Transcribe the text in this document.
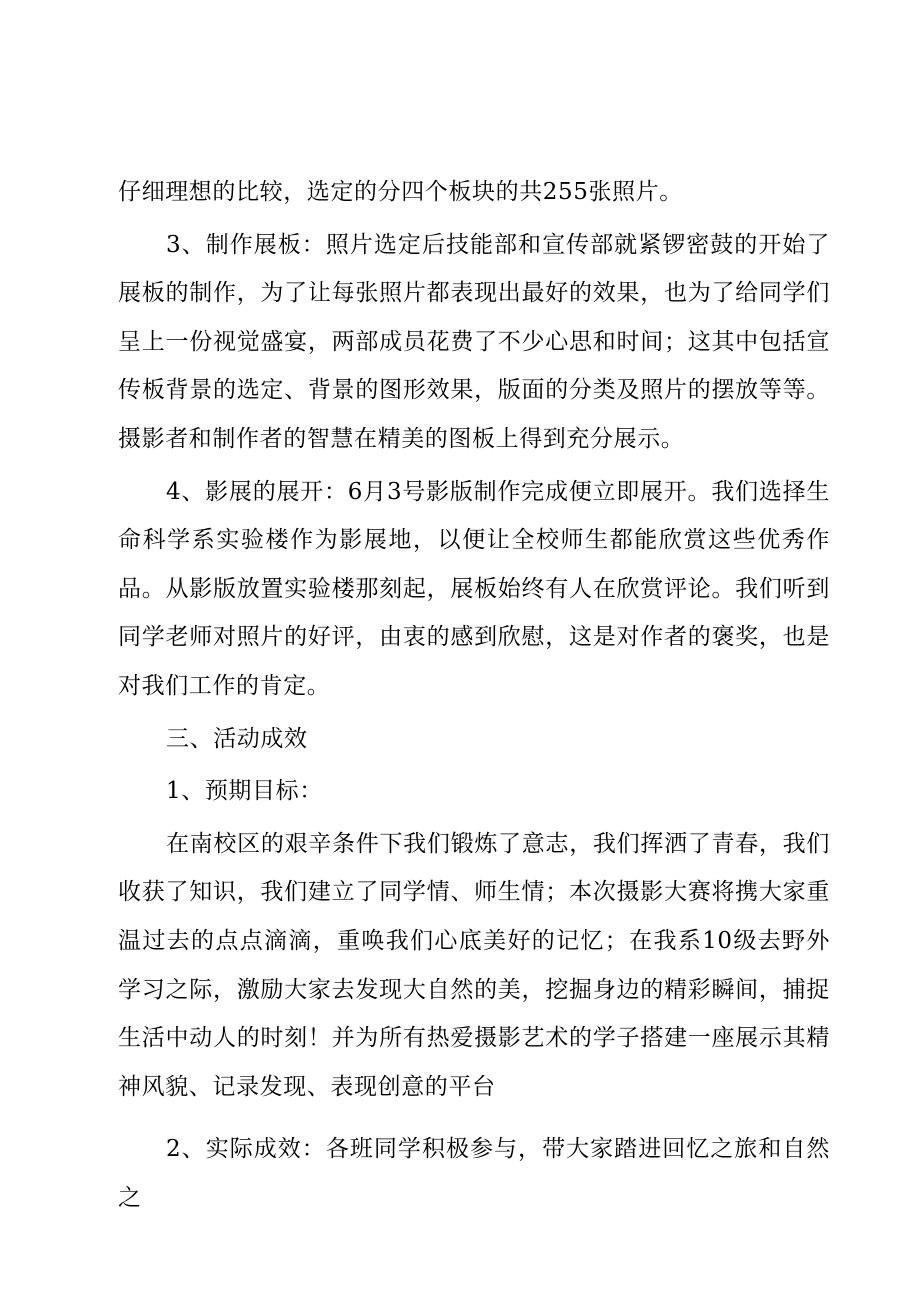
仔细理想的比较，选定的分四个板块的共255张照片。

3、制作展板：照片选定后技能部和宣传部就紧锣密鼓的开始了展板的制作，为了让每张照片都表现出最好的效果，也为了给同学们呈上一份视觉盛宴，两部成员花费了不少心思和时间；这其中包括宣传板背景的选定、背景的图形效果，版面的分类及照片的摆放等等。摄影者和制作者的智慧在精美的图板上得到充分展示。

4、影展的展开：6月3号影版制作完成便立即展开。我们选择生命科学系实验楼作为影展地，以便让全校师生都能欣赏这些优秀作品。从影版放置实验楼那刻起，展板始终有人在欣赏评论。我们听到同学老师对照片的好评，由衷的感到欣慰，这是对作者的褒奖，也是对我们工作的肯定。

三、活动成效

1、预期目标：

在南校区的艰辛条件下我们锻炼了意志，我们挥洒了青春，我们收获了知识，我们建立了同学情、师生情；本次摄影大赛将携大家重温过去的点点滴滴，重唤我们心底美好的记忆；在我系10级去野外学习之际，激励大家去发现大自然的美，挖掘身边的精彩瞬间，捕捉生活中动人的时刻！并为所有热爱摄影艺术的学子搭建一座展示其精神风貌、记录发现、表现创意的平台

2、实际成效：各班同学积极参与，带大家踏进回忆之旅和自然之
